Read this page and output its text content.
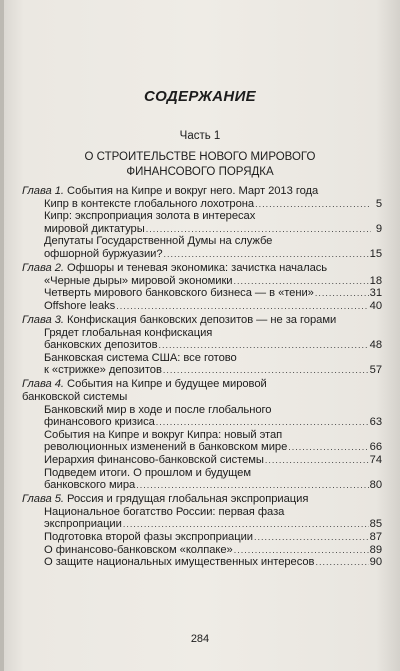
СОДЕРЖАНИЕ
Часть 1
О СТРОИТЕЛЬСТВЕ НОВОГО МИРОВОГО
ФИНАНСОВОГО ПОРЯДКА
Глава 1. События на Кипре и вокруг него. Март 2013 года
Кипр в контексте глобального лохотрона .....	5
Кипр: экспроприация золота в интересах
мировой диктатуры .....	9
Депутаты Государственной Думы на службе
офшорной буржуазии? .....	15
Глава 2. Офшоры и теневая экономика: зачистка началась
«Черные дыры» мировой экономики .....	18
Четверть мирового банковского бизнеса — в «тени» .....	31
Offshore leaks .....	40
Глава 3. Конфискация банковских депозитов — не за горами
Грядет глобальная конфискация
банковских депозитов .....	48
Банковская система США: все готово
к «стрижке» депозитов .....	57
Глава 4. События на Кипре и будущее мировой
банковской системы
Банковский мир в ходе и после глобального
финансового кризиса .....	63
События на Кипре и вокруг Кипра: новый этап
революционных изменений в банковском мире .....	66
Иерархия финансово-банковской системы .....	74
Подведем итоги. О прошлом и будущем
банковского мира .....	80
Глава 5. Россия и грядущая глобальная экспроприация
Национальное богатство России: первая фаза
экспроприации .....	85
Подготовка второй фазы экспроприации .....	87
О финансово-банковском «колпаке» .....	89
О защите национальных имущественных интересов .....	90
284
